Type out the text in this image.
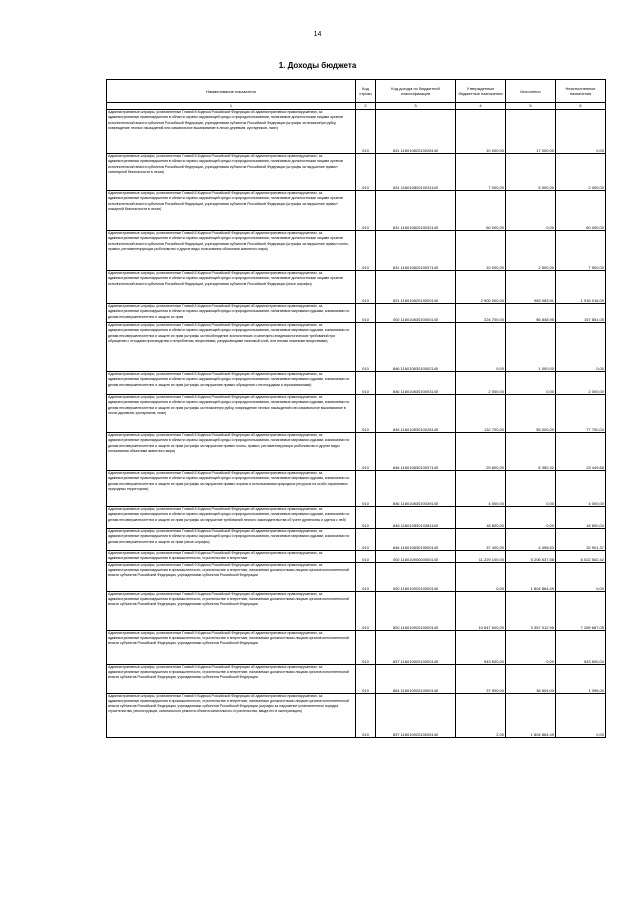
14
1. Доходы бюджета
Наименование показателя	Код строки	Код дохода по бюджетной классификации	Утвержденные бюджетные назначения	Исполнено	Неисполненные назначения
1	2	3	4	5	6
Административные штрафы, установленные Главой 8 Кодекса Российской Федерации об административных правонарушениях, за административные правонарушения в области охраны окружающей среды и природопользования, налагаемые должностными лицами органов исполнительной власти субъектов Российской Федерации, учреждениями субъектов Российской Федерации (штрафы за незаконную рубку, повреждение лесных насаждений или самовольное выкапывание в лесах деревьев, кустарников, лиан)	010	831 11601082010028140	10 000,00	17 000,00	0,00
Административные штрафы, установленные Главой 8 Кодекса Российской Федерации об административных правонарушениях, за административные правонарушения в области охраны окружающей среды и природопользования, налагаемые должностными лицами органов исполнительной власти субъектов Российской Федерации, учреждениями субъектов Российской Федерации (штрафы за нарушение правил санитарной безопасности в лесах)	010	831 11601082010031140	7 000,00	5 000,00	2 000,00
Административные штрафы, установленные Главой 8 Кодекса Российской Федерации об административных правонарушениях, за административные правонарушения в области охраны окружающей среды и природопользования, налагаемые должностными лицами органов исполнительной власти субъектов Российской Федерации, учреждениями субъектов Российской Федерации (штрафы за нарушение правил пожарной безопасности в лесах)	010	831 11601082010032140	60 000,00	0,00	60 000,00
Административные штрафы, установленные Главой 8 Кодекса Российской Федерации об административных правонарушениях, за административные правонарушения в области охраны окружающей среды и природопользования, налагаемые должностными лицами органов исполнительной власти субъектов Российской Федерации, учреждениями субъектов Российской Федерации (штрафы за нарушение правил охоты, правил, регламентирующих рыболовство и другие виды пользования объектами животного мира)	010	831 11601082010037140	10 000,00	2 500,00	7 500,00
Административные штрафы, установленные Главой 8 Кодекса Российской Федерации об административных правонарушениях, за административные правонарушения в области охраны окружающей среды и природопользования, налагаемые должностными лицами органов исполнительной власти субъектов Российской Федерации, учреждениями субъектов Российской Федерации (иные штрафы)	010	831 11601082019000140	2 900 000,00	983 983,91	1 916 016,09
Административные штрафы, установленные Главой 8 Кодекса Российской Федерации об административных правонарушениях, за административные правонарушения в области охраны окружающей среды и природопользования, налагаемые мировыми судьями, комиссиями по делам несовершеннолетних и защите их прав	010	000 11601083010000140	224 700,00	66 848,95	157 851,05
Административные штрафы, установленные Главой 8 Кодекса Российской Федерации об административных правонарушениях, за административные правонарушения в области охраны окружающей среды и природопользования, налагаемые мировыми судьями, комиссиями по делам несовершеннолетних и защите их прав (штрафы за несоблюдение экологических и санитарно-эпидемиологических требований при обращении с отходами производства и потребления, веществами, разрушающими озоновый слой, или иными опасными веществами)	010	846 11601083010002140	0,00	1 000,00	0,00
Административные штрафы, установленные Главой 8 Кодекса Российской Федерации об административных правонарушениях, за административные правонарушения в области охраны окружающей среды и природопользования, налагаемые мировыми судьями, комиссиями по делам несовершеннолетних и защите их прав (штрафы за нарушение правил обращения с пестицидами и агрохимикатами)	010	846 11601083010003140	2 000,00	0,00	2 000,00
Административные штрафы, установленные Главой 8 Кодекса Российской Федерации об административных правонарушениях, за административные правонарушения в области охраны окружающей среды и природопользования, налагаемые мировыми судьями, комиссиями по делам несовершеннолетних и защите их прав (штрафы за незаконную рубку, повреждение лесных насаждений или самовольное выкапывание в лесах деревьев, кустарников, лиан)	010	846 11601083010028140	132 700,00	55 000,00	77 700,00
Административные штрафы, установленные Главой 8 Кодекса Российской Федерации об административных правонарушениях, за административные правонарушения в области охраны окружающей среды и природопользования, налагаемые мировыми судьями, комиссиями по делам несовершеннолетних и защите их прав (штрафы за нарушение правил охоты, правил, регламентирующих рыболовство и другие виды пользования объектами животного мира)	010	846 11601083010037140	29 800,00	6 350,32	23 449,68
Административные штрафы, установленные Главой 8 Кодекса Российской Федерации об административных правонарушениях, за административные правонарушения в области охраны окружающей среды и природопользования, налагаемые мировыми судьями, комиссиями по делам несовершеннолетних и защите их прав (штрафы за нарушение правил охраны и использования природных ресурсов на особо охраняемых природных территориях)	010	846 11601083010039140	4 000,00	0,00	4 000,00
Административные штрафы, установленные Главой 8 Кодекса Российской Федерации об административных правонарушениях, за административные правонарушения в области охраны окружающей среды и природопользования, налагаемые мировыми судьями, комиссиями по делам несовершеннолетних и защите их прав (штрафы за нарушение требований лесного законодательства об учете древесины и сделок с ней)	010	846 11601083010281140	18 800,00	0,00	18 800,00
Административные штрафы, установленные Главой 8 Кодекса Российской Федерации об административных правонарушениях, за административные правонарушения в области охраны окружающей среды и природопользования, налагаемые мировыми судьями, комиссиями по делам несовершеннолетних и защите их прав (иные штрафы)	010	846 11601083019000140	37 400,00	4 498,63	32 901,37
Административные штрафы, установленные Главой 9 Кодекса Российской Федерации об административных правонарушениях, за административные правонарушения в промышленности, строительстве и энергетике	010	000 11601090000000140	11 229 100,00	5 206 537,58	6 022 562,42
Административные штрафы, установленные Главой 9 Кодекса Российской Федерации об административных правонарушениях, за административные правонарушения в промышленности, строительстве и энергетике, налагаемые должностными лицами органов исполнительной власти субъектов Российской Федерации, учреждениями субъектов Российской Федерации	010	000 11601092010000140	0,00	1 804 864,49	0,00
Административные штрафы, установленные Главой 9 Кодекса Российской Федерации об административных правонарушениях, за административные правонарушения в промышленности, строительстве и энергетике, налагаемые должностными лицами органов исполнительной власти субъектов Российской Федерации, учреждениями субъектов Российской Федерации	010	820 11601092010000140	10 647 600,00	3 357 912,95	7 289 687,05
Административные штрафы, установленные Главой 9 Кодекса Российской Федерации об административных правонарушениях, за административные правонарушения в промышленности, строительстве и энергетике, налагаемые должностными лицами органов исполнительной власти субъектов Российской Федерации, учреждениями субъектов Российской Федерации	010	837 11601092010000140	543 600,00	0,00	543 600,00
Административные штрафы, установленные Главой 9 Кодекса Российской Федерации об административных правонарушениях, за административные правонарушения в промышленности, строительстве и энергетике, налагаемые должностными лицами органов исполнительной власти субъектов Российской Федерации, учреждениями субъектов Российской Федерации	010	864 11601092010000140	37 900,00	36 804,00	1 096,00
Административные штрафы, установленные Главой 9 Кодекса Российской Федерации об административных правонарушениях, за административные правонарушения в промышленности, строительстве и энергетике, налагаемые должностными лицами органов исполнительной власти субъектов Российской Федерации, учреждениями субъектов Российской Федерации (штрафы за нарушение установленного порядка строительства, реконструкции, капитального ремонта объекта капитального строительства, ввода его в эксплуатацию)	010	837 11601092010005140	2,00	1 804 864,49	0,00
